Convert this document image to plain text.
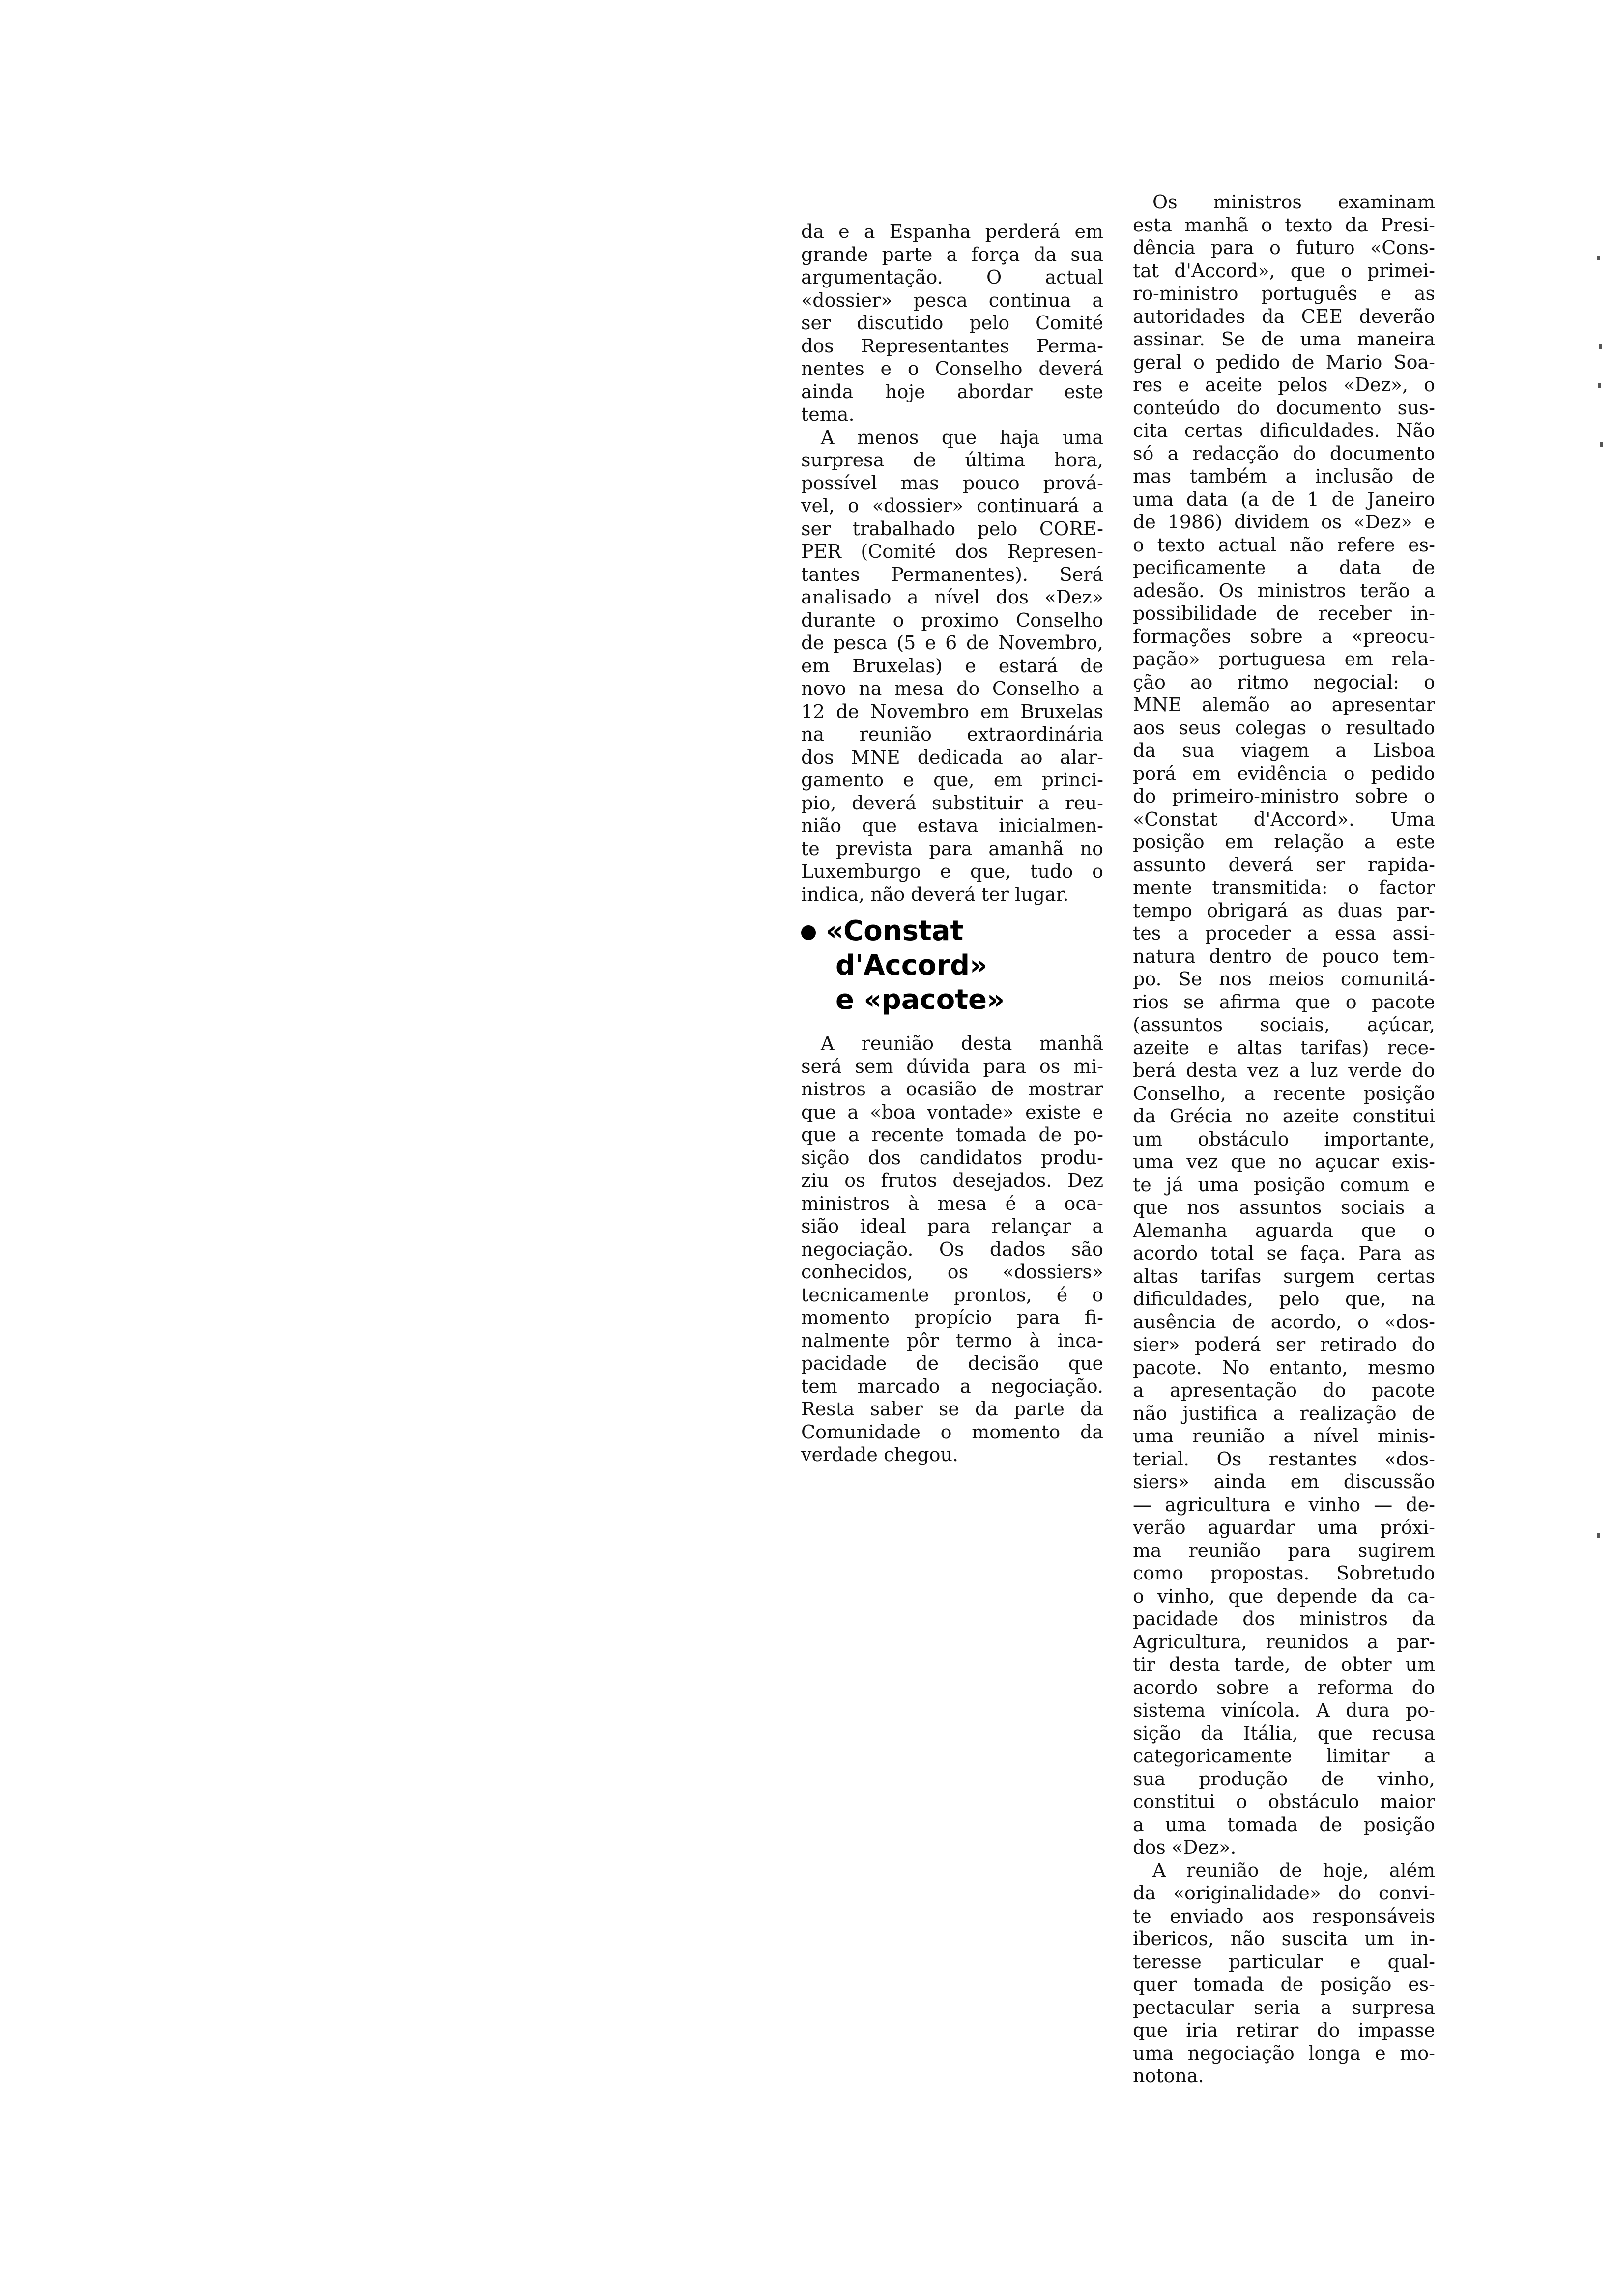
da e a Espanha perderá em
grande parte a força da sua
argumentação. O actual
«dossier» pesca continua a
ser discutido pelo Comité
dos Representantes Perma-
nentes e o Conselho deverá
ainda hoje abordar este
tema.
A menos que haja uma
surpresa de última hora,
possível mas pouco prová-
vel, o «dossier» continuará a
ser trabalhado pelo CORE-
PER (Comité dos Represen-
tantes Permanentes). Será
analisado a nível dos «Dez»
durante o proximo Conselho
de pesca (5 e 6 de Novembro,
em Bruxelas) e estará de
novo na mesa do Conselho a
12 de Novembro em Bruxelas
na reunião extraordinária
dos MNE dedicada ao alar-
gamento e que, em princi-
pio, deverá substituir a reu-
nião que estava inicialmen-
te prevista para amanhã no
Luxemburgo e que, tudo o
indica, não deverá ter lugar.
«Constat
d'Accord»
e «pacote»
A reunião desta manhã
será sem dúvida para os mi-
nistros a ocasião de mostrar
que a «boa vontade» existe e
que a recente tomada de po-
sição dos candidatos produ-
ziu os frutos desejados. Dez
ministros à mesa é a oca-
sião ideal para relançar a
negociação. Os dados são
conhecidos, os «dossiers»
tecnicamente prontos, é o
momento propício para fi-
nalmente pôr termo à inca-
pacidade de decisão que
tem marcado a negociação.
Resta saber se da parte da
Comunidade o momento da
verdade chegou.
Os ministros examinam
esta manhã o texto da Presi-
dência para o futuro «Cons-
tat d'Accord», que o primei-
ro-ministro português e as
autoridades da CEE deverão
assinar. Se de uma maneira
geral o pedido de Mario Soa-
res e aceite pelos «Dez», o
conteúdo do documento sus-
cita certas dificuldades. Não
só a redacção do documento
mas também a inclusão de
uma data (a de 1 de Janeiro
de 1986) dividem os «Dez» e
o texto actual não refere es-
pecificamente a data de
adesão. Os ministros terão a
possibilidade de receber in-
formações sobre a «preocu-
pação» portuguesa em rela-
ção ao ritmo negocial: o
MNE alemão ao apresentar
aos seus colegas o resultado
da sua viagem a Lisboa
porá em evidência o pedido
do primeiro-ministro sobre o
«Constat d'Accord». Uma
posição em relação a este
assunto deverá ser rapida-
mente transmitida: o factor
tempo obrigará as duas par-
tes a proceder a essa assi-
natura dentro de pouco tem-
po. Se nos meios comunitá-
rios se afirma que o pacote
(assuntos sociais, açúcar,
azeite e altas tarifas) rece-
berá desta vez a luz verde do
Conselho, a recente posição
da Grécia no azeite constitui
um obstáculo importante,
uma vez que no açucar exis-
te já uma posição comum e
que nos assuntos sociais a
Alemanha aguarda que o
acordo total se faça. Para as
altas tarifas surgem certas
dificuldades, pelo que, na
ausência de acordo, o «dos-
sier» poderá ser retirado do
pacote. No entanto, mesmo
a apresentação do pacote
não justifica a realização de
uma reunião a nível minis-
terial. Os restantes «dos-
siers» ainda em discussão
— agricultura e vinho — de-
verão aguardar uma próxi-
ma reunião para sugirem
como propostas. Sobretudo
o vinho, que depende da ca-
pacidade dos ministros da
Agricultura, reunidos a par-
tir desta tarde, de obter um
acordo sobre a reforma do
sistema vinícola. A dura po-
sição da Itália, que recusa
categoricamente limitar a
sua produção de vinho,
constitui o obstáculo maior
a uma tomada de posição
dos «Dez».
A reunião de hoje, além
da «originalidade» do convi-
te enviado aos responsáveis
ibericos, não suscita um in-
teresse particular e qual-
quer tomada de posição es-
pectacular seria a surpresa
que iria retirar do impasse
uma negociação longa e mo-
notona.
